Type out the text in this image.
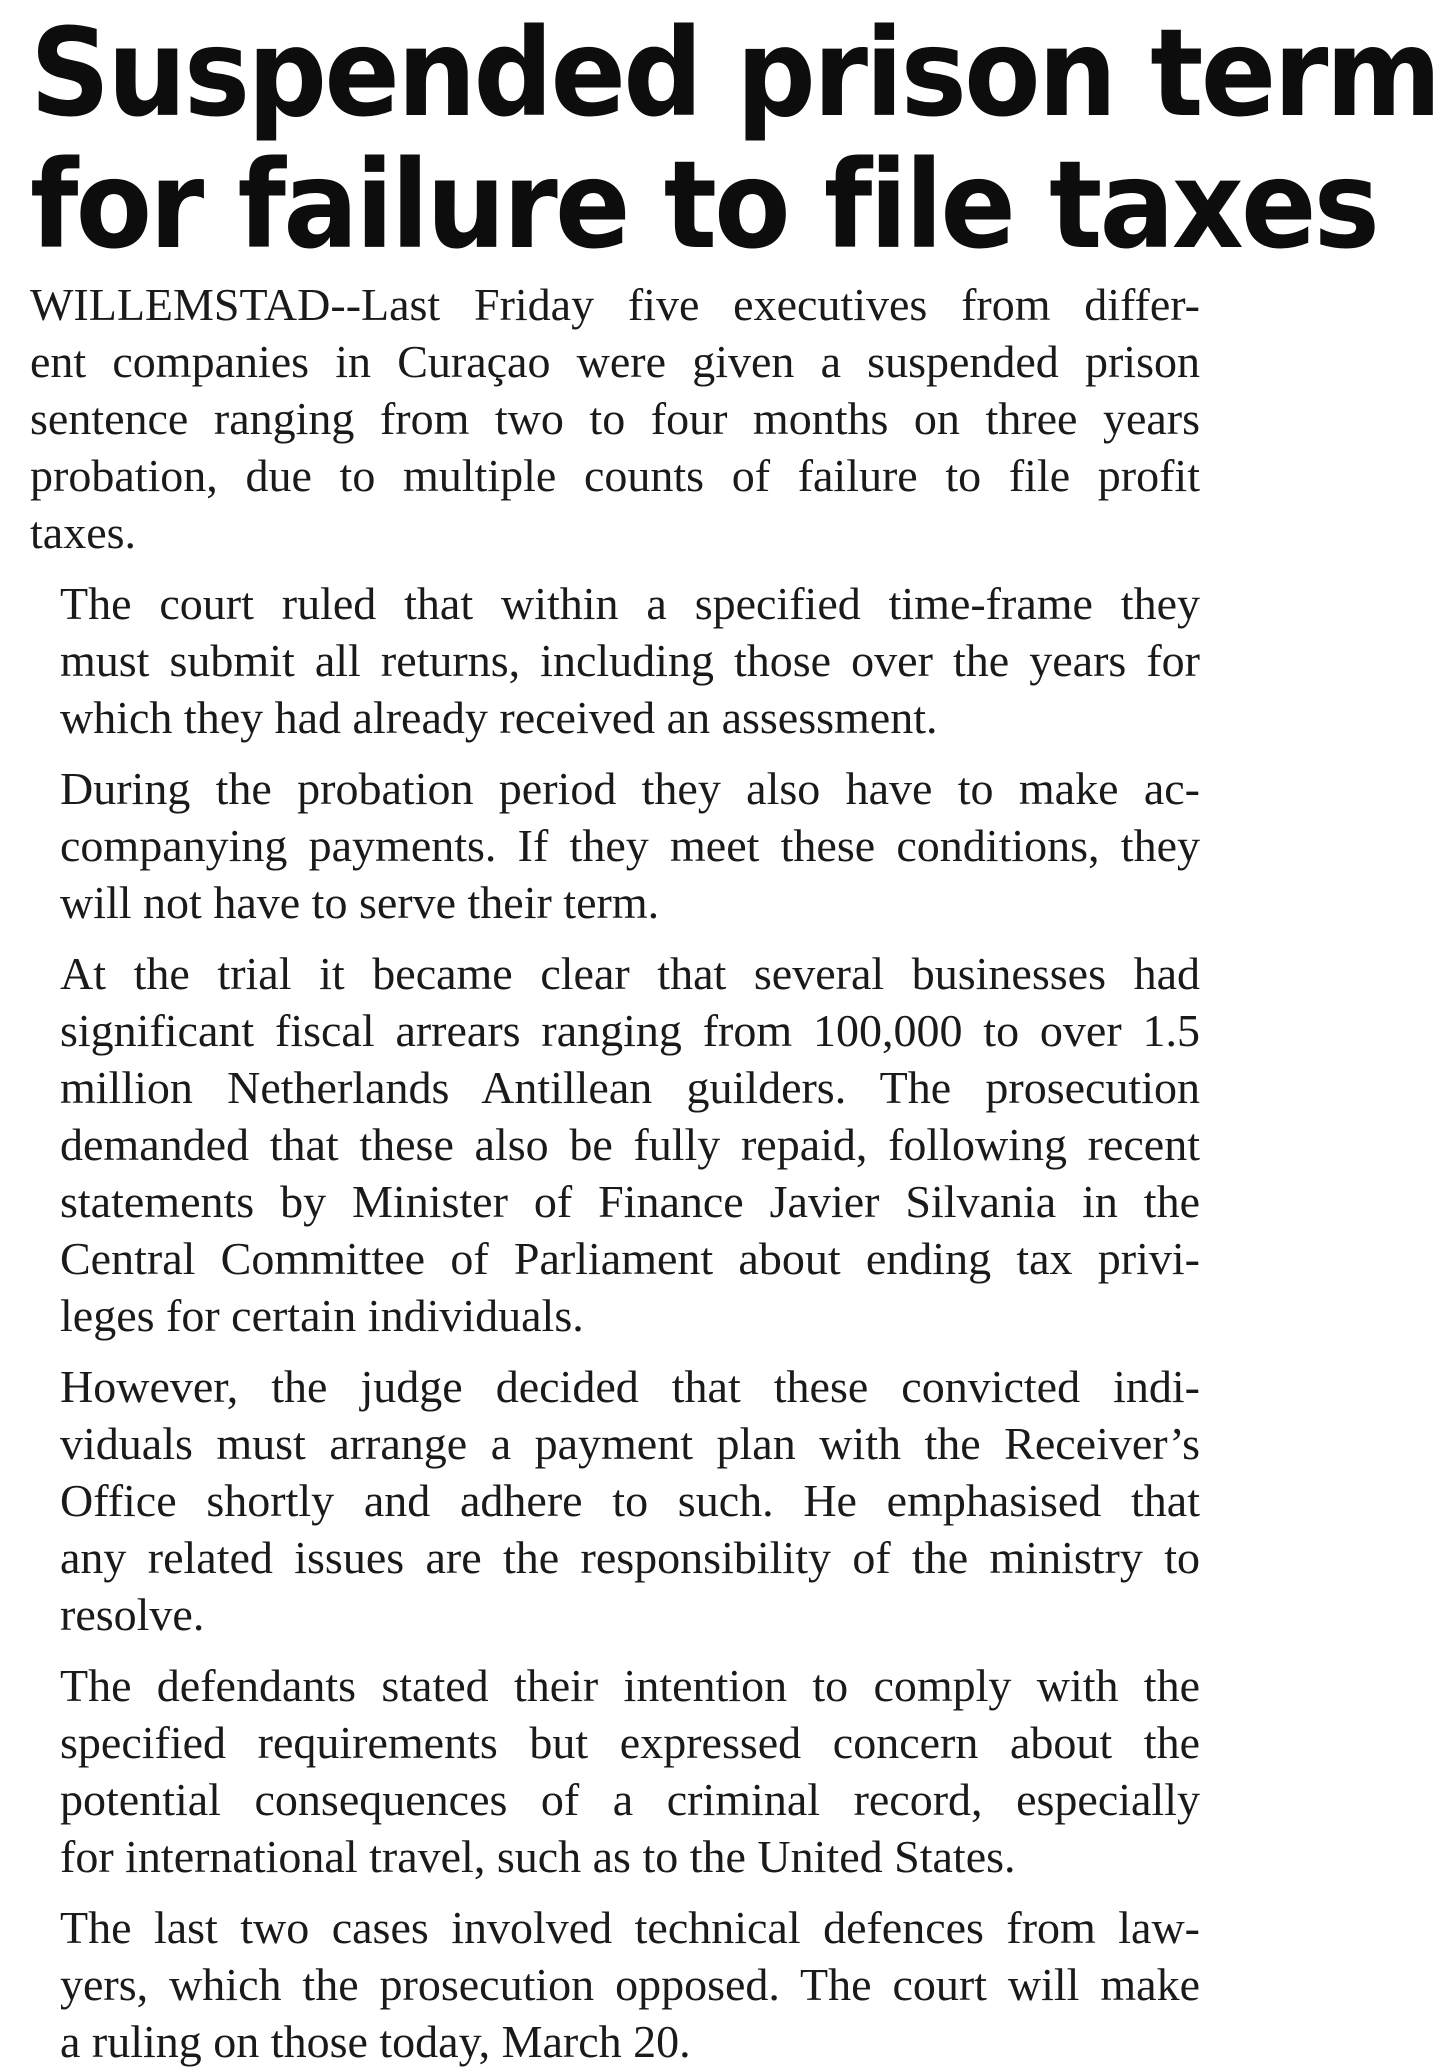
Suspended prison term
for failure to file taxes

WILLEMSTAD--Last Friday five executives from differ-
ent companies in Curaçao were given a suspended prison
sentence ranging from two to four months on three years
probation, due to multiple counts of failure to file profit
taxes.

The court ruled that within a specified time-frame they
must submit all returns, including those over the years for
which they had already received an assessment.

During the probation period they also have to make ac-
companying payments. If they meet these conditions, they
will not have to serve their term.

At the trial it became clear that several businesses had
significant fiscal arrears ranging from 100,000 to over 1.5
million Netherlands Antillean guilders. The prosecution
demanded that these also be fully repaid, following recent
statements by Minister of Finance Javier Silvania in the
Central Committee of Parliament about ending tax privi-
leges for certain individuals.

However, the judge decided that these convicted indi-
viduals must arrange a payment plan with the Receiver’s
Office shortly and adhere to such. He emphasised that
any related issues are the responsibility of the ministry to
resolve.

The defendants stated their intention to comply with the
specified requirements but expressed concern about the
potential consequences of a criminal record, especially
for international travel, such as to the United States.

The last two cases involved technical defences from law-
yers, which the prosecution opposed. The court will make
a ruling on those today, March 20.
